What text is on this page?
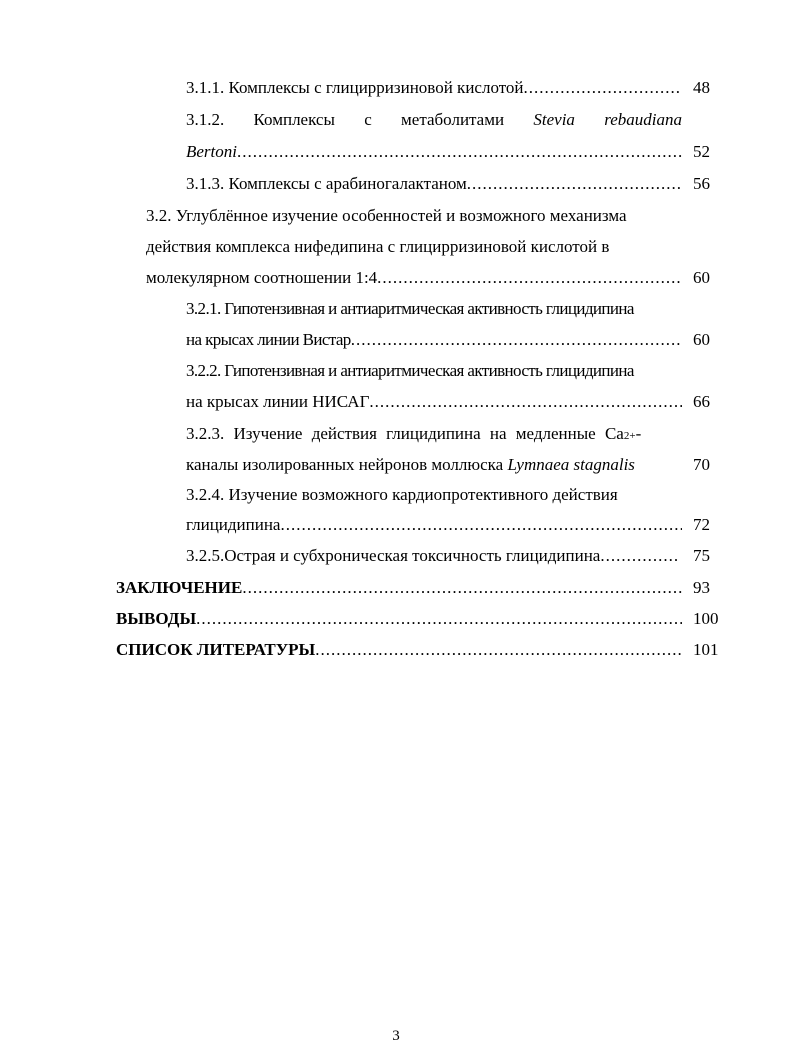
3.1.1. Комплексы с глицирризиновой кислотой .....	48
3.1.2. Комплексы с метаболитами Stevia rebaudiana
Bertoni .....	52
3.1.3. Комплексы с арабиногалактаном .....	56
3.2. Углублённое изучение особенностей и возможного механизма
действия комплекса нифедипина с глицирризиновой кислотой в
молекулярном соотношении 1:4 .....	60
3.2.1. Гипотензивная и антиаритмическая активность глицидипина
на крысах линии Вистар .....	60
3.2.2. Гипотензивная и антиаритмическая активность глицидипина
на крысах линии НИСАГ .....	66
3.2.3. Изучение действия глицидипина на медленные Ca 2+ -
каналы изолированных нейронов моллюска Lymnaea stagnalis	70
3.2.4. Изучение возможного кардиопротективного действия
глицидипина .....	72
3.2.5.Острая и субхроническая токсичность глицидипина .....	75
ЗАКЛЮЧЕНИЕ .....	93
ВЫВОДЫ .....	100
СПИСОК ЛИТЕРАТУРЫ .....	101
3
